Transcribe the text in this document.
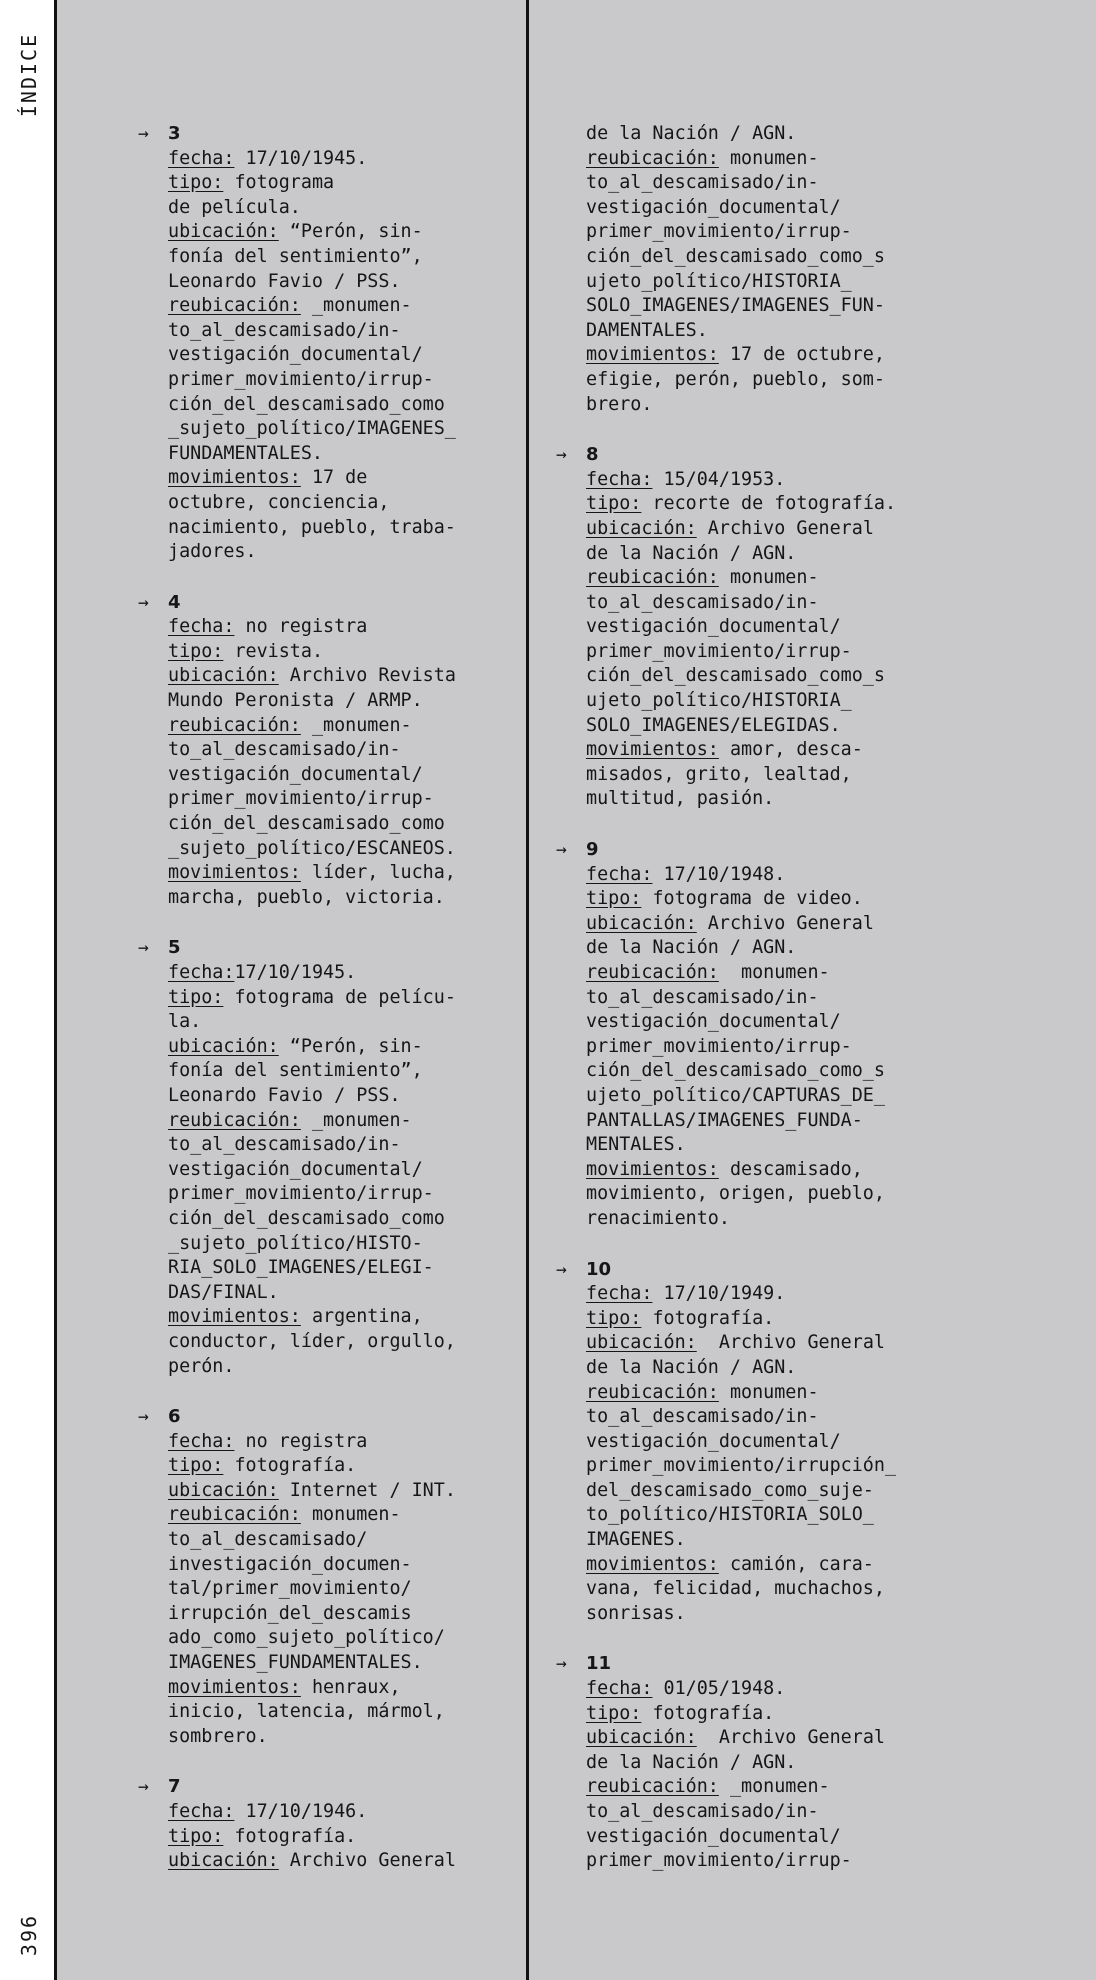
ÍNDICE
396
→ 3
fecha: 17/10/1945.
tipo: fotograma
de película.
ubicación: “Perón, sin-
fonía del sentimiento”,
Leonardo Favio / PSS.
reubicación: _monumen-
to_al_descamisado/in-
vestigación_documental/
primer_movimiento/irrup-
ción_del_descamisado_como
_sujeto_político/IMAGENES_
FUNDAMENTALES.
movimientos: 17 de
octubre, conciencia,
nacimiento, pueblo, traba-
jadores.
→ 4
fecha: no registra
tipo: revista.
ubicación: Archivo Revista
Mundo Peronista / ARMP.
reubicación: _monumen-
to_al_descamisado/in-
vestigación_documental/
primer_movimiento/irrup-
ción_del_descamisado_como
_sujeto_político/ESCANEOS.
movimientos: líder, lucha,
marcha, pueblo, victoria.
→ 5
fecha:17/10/1945.
tipo: fotograma de pelícu-
la.
ubicación: “Perón, sin-
fonía del sentimiento”,
Leonardo Favio / PSS.
reubicación: _monumen-
to_al_descamisado/in-
vestigación_documental/
primer_movimiento/irrup-
ción_del_descamisado_como
_sujeto_político/HISTO-
RIA_SOLO_IMAGENES/ELEGI-
DAS/FINAL.
movimientos: argentina,
conductor, líder, orgullo,
perón.
→ 6
fecha: no registra
tipo: fotografía.
ubicación: Internet / INT.
reubicación: monumen-
to_al_descamisado/
investigación_documen-
tal/primer_movimiento/
irrupción_del_descamis
ado_como_sujeto_político/
IMAGENES_FUNDAMENTALES.
movimientos: henraux,
inicio, latencia, mármol,
sombrero.
→ 7
fecha: 17/10/1946.
tipo: fotografía.
ubicación: Archivo General
de la Nación / AGN.
reubicación: monumen-
to_al_descamisado/in-
vestigación_documental/
primer_movimiento/irrup-
ción_del_descamisado_como_s
ujeto_político/HISTORIA_
SOLO_IMAGENES/IMAGENES_FUN-
DAMENTALES.
movimientos: 17 de octubre,
efigie, perón, pueblo, som-
brero.
→ 8
fecha: 15/04/1953.
tipo: recorte de fotografía.
ubicación: Archivo General
de la Nación / AGN.
reubicación: monumen-
to_al_descamisado/in-
vestigación_documental/
primer_movimiento/irrup-
ción_del_descamisado_como_s
ujeto_político/HISTORIA_
SOLO_IMAGENES/ELEGIDAS.
movimientos: amor, desca-
misados, grito, lealtad,
multitud, pasión.
→ 9
fecha: 17/10/1948.
tipo: fotograma de video.
ubicación: Archivo General
de la Nación / AGN.
reubicación:  monumen-
to_al_descamisado/in-
vestigación_documental/
primer_movimiento/irrup-
ción_del_descamisado_como_s
ujeto_político/CAPTURAS_DE_
PANTALLAS/IMAGENES_FUNDA-
MENTALES.
movimientos: descamisado,
movimiento, origen, pueblo,
renacimiento.
→ 10
fecha: 17/10/1949.
tipo: fotografía.
ubicación:  Archivo General
de la Nación / AGN.
reubicación: monumen-
to_al_descamisado/in-
vestigación_documental/
primer_movimiento/irrupción_
del_descamisado_como_suje-
to_político/HISTORIA_SOLO_
IMAGENES.
movimientos: camión, cara-
vana, felicidad, muchachos,
sonrisas.
→ 11
fecha: 01/05/1948.
tipo: fotografía.
ubicación:  Archivo General
de la Nación / AGN.
reubicación: _monumen-
to_al_descamisado/in-
vestigación_documental/
primer_movimiento/irrup-
